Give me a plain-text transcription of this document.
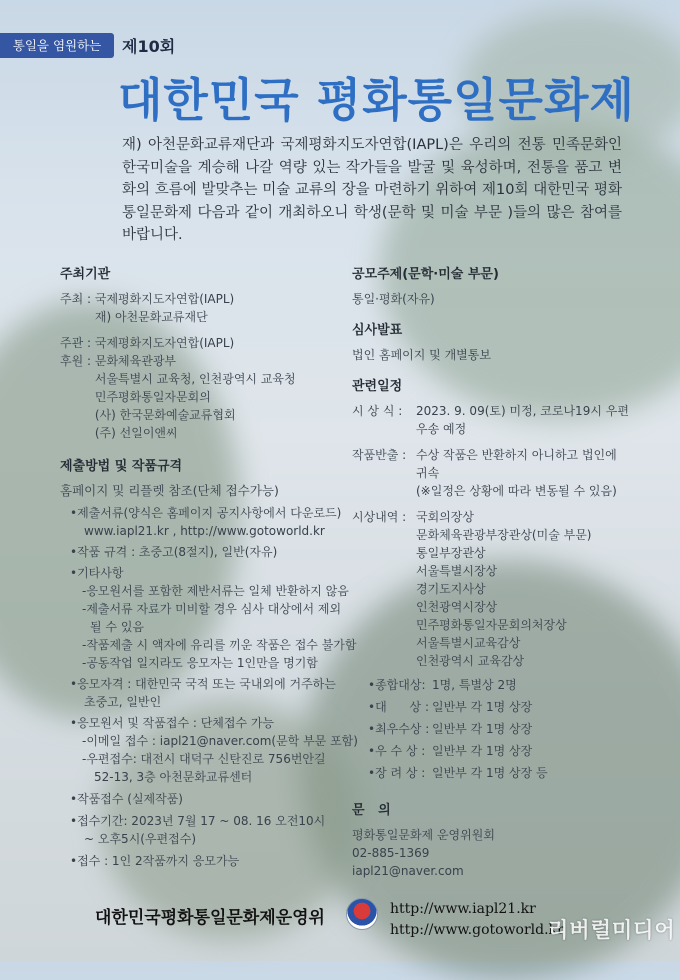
통일을 염원하는	제10회
대한민국 평화통일문화제

재) 아천문화교류재단과 국제평화지도자연합(IAPL)은 우리의 전통 민족문화인 한국미술을 계승해 나갈 역량 있는 작가들을 발굴 및 육성하며, 전통을 품고 변화의 흐름에 발맞추는 미술 교류의 장을 마련하기 위하여 제10회 대한민국 평화통일문화제 다음과 같이 개최하오니 학생(문학 및 미술 부문 )들의 많은 참여를 바랍니다.

주최기관
주최 : 국제평화지도자연합(IAPL)
재) 아천문화교류재단
주관 : 국제평화지도자연합(IAPL)
후원 : 문화체육관광부
서울특별시 교육청, 인천광역시 교육청
민주평화통일자문회의
(사) 한국문화예술교류협회
(주) 선일이앤씨
제출방법 및 작품규격
홈페이지 및 리플렛 참조(단체 접수가능)
•제출서류(양식은 홈페이지 공지사항에서 다운로드)
www.iapl21.kr , http://www.gotoworld.kr
•작품 규격 : 초중고(8절지), 일반(자유)
•기타사항
-응모원서를 포함한 제반서류는 일체 반환하지 않음
-제출서류 자료가 미비할 경우 심사 대상에서 제외
될 수 있음
-작품제출 시 액자에 유리를 끼운 작품은 접수 불가함
-공동작업 일지라도 응모자는 1인만을 명기함
•응모자격 : 대한민국 국적 또는 국내외에 거주하는
초중고, 일반인
•응모원서 및 작품접수 : 단체접수 가능
-이메일 접수 : iapl21@naver.com(문학 부문 포함)
-우편접수: 대전시 대덕구 신탄진로 756번안길
52-13, 3층 아천문화교류센터
•작품접수 (실제작품)
•접수기간: 2023년 7월 17 ~ 08. 16 오전10시
~ 오후5시(우편접수)
•접수 : 1인 2작품까지 응모가능
공모주제(문학·미술 부문)
통일·평화(자유)
심사발표
법인 홈페이지 및 개별통보
관련일정
시 상 식 : 2023. 9. 09(토) 미정, 코로나19시 우편
우송 예정
작품반출 : 수상 작품은 반환하지 아니하고 법인에
귀속
(※일정은 상황에 따라 변동될 수 있음)
시상내역 : 국회의장상
문화체육관광부장관상(미술 부문)
통일부장관상
서울특별시장상
경기도지사상
인천광역시장상
민주평화통일자문회의처장상
서울특별시교육감상
인천광역시 교육감상
•종합대상: 1명, 특별상 2명
•대      상 : 일반부 각 1명 상장
•최우수상 :
일반부 각 1명 상장
•우 수 상 : 일반부 각 1명 상장
•장 려 상 : 일반부 각 1명 상장 등
문   의
평화통일문화제 운영위원회
02-885-1369
iapl21@naver.com
대한민국평화통일문화제운영위	http://www.iapl21.kr
http://www.gotoworld.kr
리버럴미디어
